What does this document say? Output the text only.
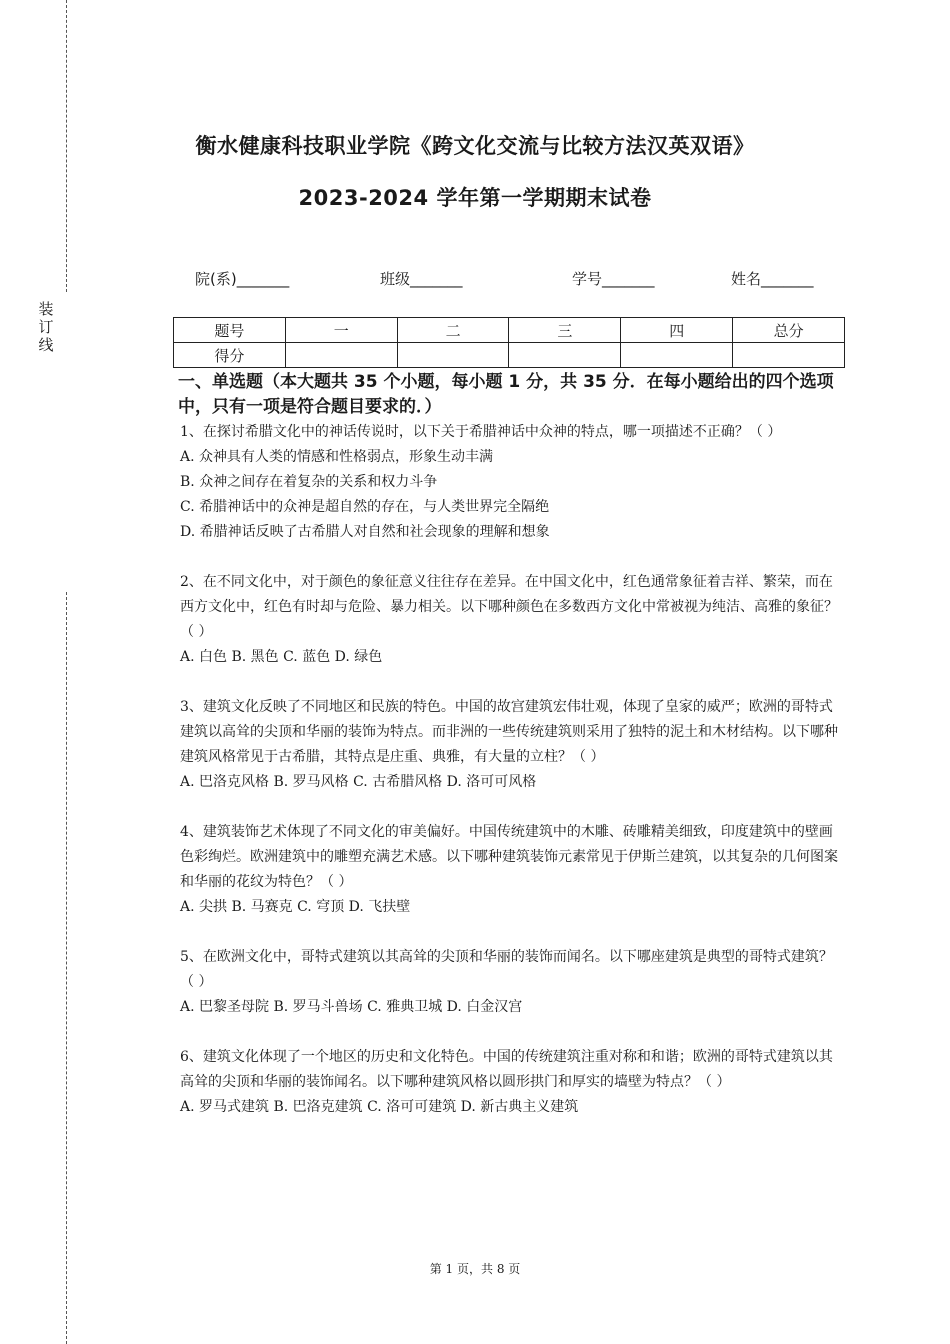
装订线
衡水健康科技职业学院《跨文化交流与比较方法汉英双语》
2023-2024 学年第一学期期末试卷
院(系)_______	班级_______	学号_______	姓名_______
题号	一	二	三	四	总分
得分					
一、单选题（本大题共 35 个小题，每小题 1 分，共 35 分．在每小题给出的四个选项中，只有一项是符合题目要求的．）

1、在探讨希腊文化中的神话传说时，以下关于希腊神话中众神的特点，哪一项描述不正确？（ ）

A. 众神具有人类的情感和性格弱点，形象生动丰满

B. 众神之间存在着复杂的关系和权力斗争

C. 希腊神话中的众神是超自然的存在，与人类世界完全隔绝

D. 希腊神话反映了古希腊人对自然和社会现象的理解和想象

2、在不同文化中，对于颜色的象征意义往往存在差异。在中国文化中，红色通常象征着吉祥、繁荣，而在西方文化中，红色有时却与危险、暴力相关。以下哪种颜色在多数西方文化中常被视为纯洁、高雅的象征？（ ）

A. 白色 B. 黑色 C. 蓝色 D. 绿色

3、建筑文化反映了不同地区和民族的特色。中国的故宫建筑宏伟壮观，体现了皇家的威严；欧洲的哥特式建筑以高耸的尖顶和华丽的装饰为特点。而非洲的一些传统建筑则采用了独特的泥土和木材结构。以下哪种建筑风格常见于古希腊，其特点是庄重、典雅，有大量的立柱？（ ）

A. 巴洛克风格 B. 罗马风格 C. 古希腊风格 D. 洛可可风格

4、建筑装饰艺术体现了不同文化的审美偏好。中国传统建筑中的木雕、砖雕精美细致，印度建筑中的壁画色彩绚烂。欧洲建筑中的雕塑充满艺术感。以下哪种建筑装饰元素常见于伊斯兰建筑，以其复杂的几何图案和华丽的花纹为特色？（ ）

A. 尖拱 B. 马赛克 C. 穹顶 D. 飞扶壁

5、在欧洲文化中，哥特式建筑以其高耸的尖顶和华丽的装饰而闻名。以下哪座建筑是典型的哥特式建筑？（ ）

A. 巴黎圣母院 B. 罗马斗兽场 C. 雅典卫城 D. 白金汉宫

6、建筑文化体现了一个地区的历史和文化特色。中国的传统建筑注重对称和和谐；欧洲的哥特式建筑以其高耸的尖顶和华丽的装饰闻名。以下哪种建筑风格以圆形拱门和厚实的墙壁为特点？（ ）

A. 罗马式建筑 B. 巴洛克建筑 C. 洛可可建筑 D. 新古典主义建筑

第 1 页，共 8 页
